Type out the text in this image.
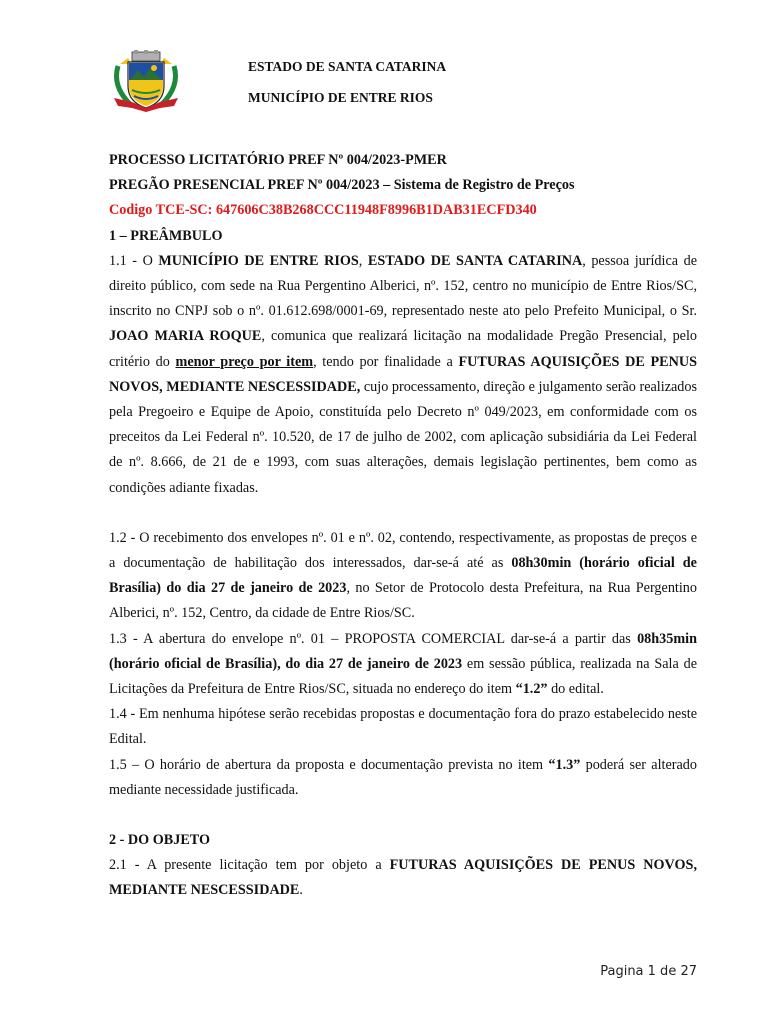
ESTADO DE SANTA CATARINA
MUNICÍPIO DE ENTRE RIOS

PROCESSO LICITATÓRIO PREF Nº 004/2023-PMER

PREGÃO PRESENCIAL PREF Nº 004/2023 – Sistema de Registro de Preços

Codigo TCE-SC: 647606C38B268CCC11948F8996B1DAB31ECFD340

1 – PREÂMBULO

1.1 - O MUNICÍPIO DE ENTRE RIOS, ESTADO DE SANTA CATARINA, pessoa jurídica de direito público, com sede na Rua Pergentino Alberici, nº. 152, centro no município de Entre Rios/SC, inscrito no CNPJ sob o nº. 01.612.698/0001-69, representado neste ato pelo Prefeito Municipal, o Sr. JOAO MARIA ROQUE, comunica que realizará licitação na modalidade Pregão Presencial, pelo critério do menor preço por item, tendo por finalidade a FUTURAS AQUISIÇÕES DE PENUS NOVOS, MEDIANTE NESCESSIDADE, cujo processamento, direção e julgamento serão realizados pela Pregoeiro e Equipe de Apoio, constituída pelo Decreto nº 049/2023, em conformidade com os preceitos da Lei Federal nº. 10.520, de 17 de julho de 2002, com aplicação subsidiária da Lei Federal de nº. 8.666, de 21 de e 1993, com suas alterações, demais legislação pertinentes, bem como as condições adiante fixadas.

1.2 - O recebimento dos envelopes nº. 01 e nº. 02, contendo, respectivamente, as propostas de preços e a documentação de habilitação dos interessados, dar-se-á até as 08h30min (horário oficial de Brasília) do dia 27 de janeiro de 2023, no Setor de Protocolo desta Prefeitura, na Rua Pergentino Alberici, nº. 152, Centro, da cidade de Entre Rios/SC.

1.3 - A abertura do envelope nº. 01 – PROPOSTA COMERCIAL dar-se-á a partir das 08h35min (horário oficial de Brasília), do dia 27 de janeiro de 2023 em sessão pública, realizada na Sala de Licitações da Prefeitura de Entre Rios/SC, situada no endereço do item “1.2” do edital.

1.4 - Em nenhuma hipótese serão recebidas propostas e documentação fora do prazo estabelecido neste Edital.

1.5 – O horário de abertura da proposta e documentação prevista no item “1.3” poderá ser alterado mediante necessidade justificada.

2 - DO OBJETO

2.1 - A presente licitação tem por objeto a FUTURAS AQUISIÇÕES DE PENUS NOVOS, MEDIANTE NESCESSIDADE.

Pagina 1 de 27
